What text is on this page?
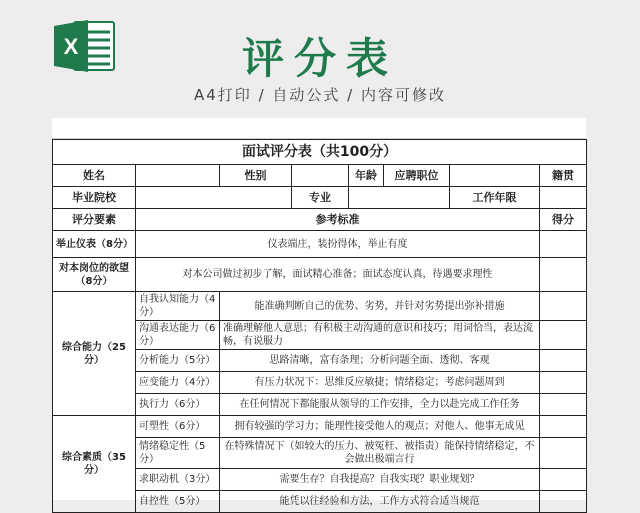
X	评分表
A4打印 / 自动公式 / 内容可修改
面试评分表（共100分）							
姓名		性别		年龄	应聘职位		籍贯
毕业院校			专业			工作年限	
评分要素	参考标准						得分
举止仪表（8分）	仪表端庄，装扮得体，举止有度						
对本岗位的欲望（8分）	对本公司做过初步了解，面试精心准备；面试态度认真，待遇要求理性						
综合能力（25分）	自我认知能力（4分）	能准确判断自己的优势、劣势，并针对劣势提出弥补措施					
	沟通表达能力（6分）	准确理解他人意思；有积极主动沟通的意识和技巧；用词恰当，表达流畅，有说服力					
	分析能力（5分）	思路清晰，富有条理；分析问题全面、透彻、客观					
	应变能力（4分）	有压力状况下：思维反应敏捷；情绪稳定；考虑问题周到					
	执行力（6分）	在任何情况下都能服从领导的工作安排，全力以赴完成工作任务					
综合素质（35分）	可塑性（6分）	拥有较强的学习力；能理性接受他人的观点；对他人、他事无成见					
	情绪稳定性（5分）	在特殊情况下（如较大的压力、被冤枉、被指责）能保持情绪稳定，不会做出极端言行					
	求职动机（3分）	需要生存？自我提高？自我实现？职业规划？					
	自控性（5分）	能凭以往经验和方法，工作方式符合适当规范					
